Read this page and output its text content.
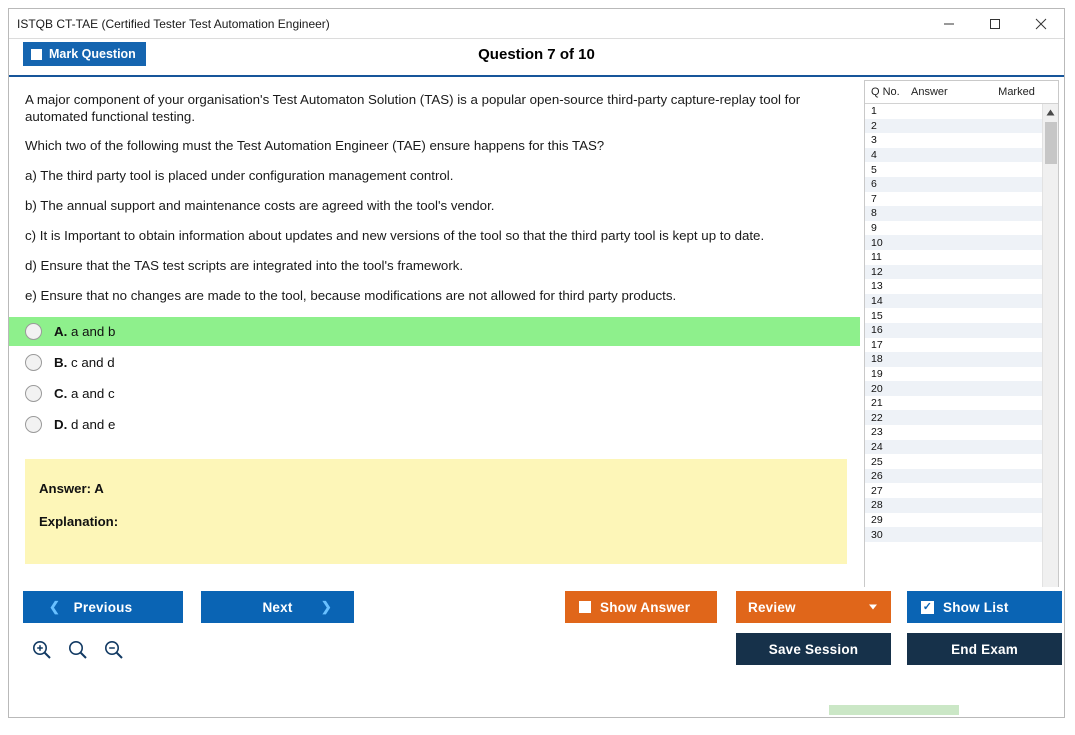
ISTQB CT-TAE (Certified Tester Test Automation Engineer)
Mark Question	Question 7 of 10

A major component of your organisation's Test Automaton Solution (TAS) is a popular open-source third-party capture-replay tool for automated functional testing.

Which two of the following must the Test Automation Engineer (TAE) ensure happens for this TAS?

a) The third party tool is placed under configuration management control.

b) The annual support and maintenance costs are agreed with the tool's vendor.

c) It is Important to obtain information about updates and new versions of the tool so that the third party tool is kept up to date.

d) Ensure that the TAS test scripts are integrated into the tool's framework.

e) Ensure that no changes are made to the tool, because modifications are not allowed for third party products.

A. a and b
B. c and d
C. a and c
D. d and e
Answer: A
Explanation:
Q No.	Answer	Marked
1
2
3
4
5
6
7
8
9
10
11
12
13
14
15
16
17
18
19
20
21
22
23
24
25
26
27
28
29
30
❮ Previous	Next ❯	Show Answer	Review	✓ Show List
Save Session	End Exam
